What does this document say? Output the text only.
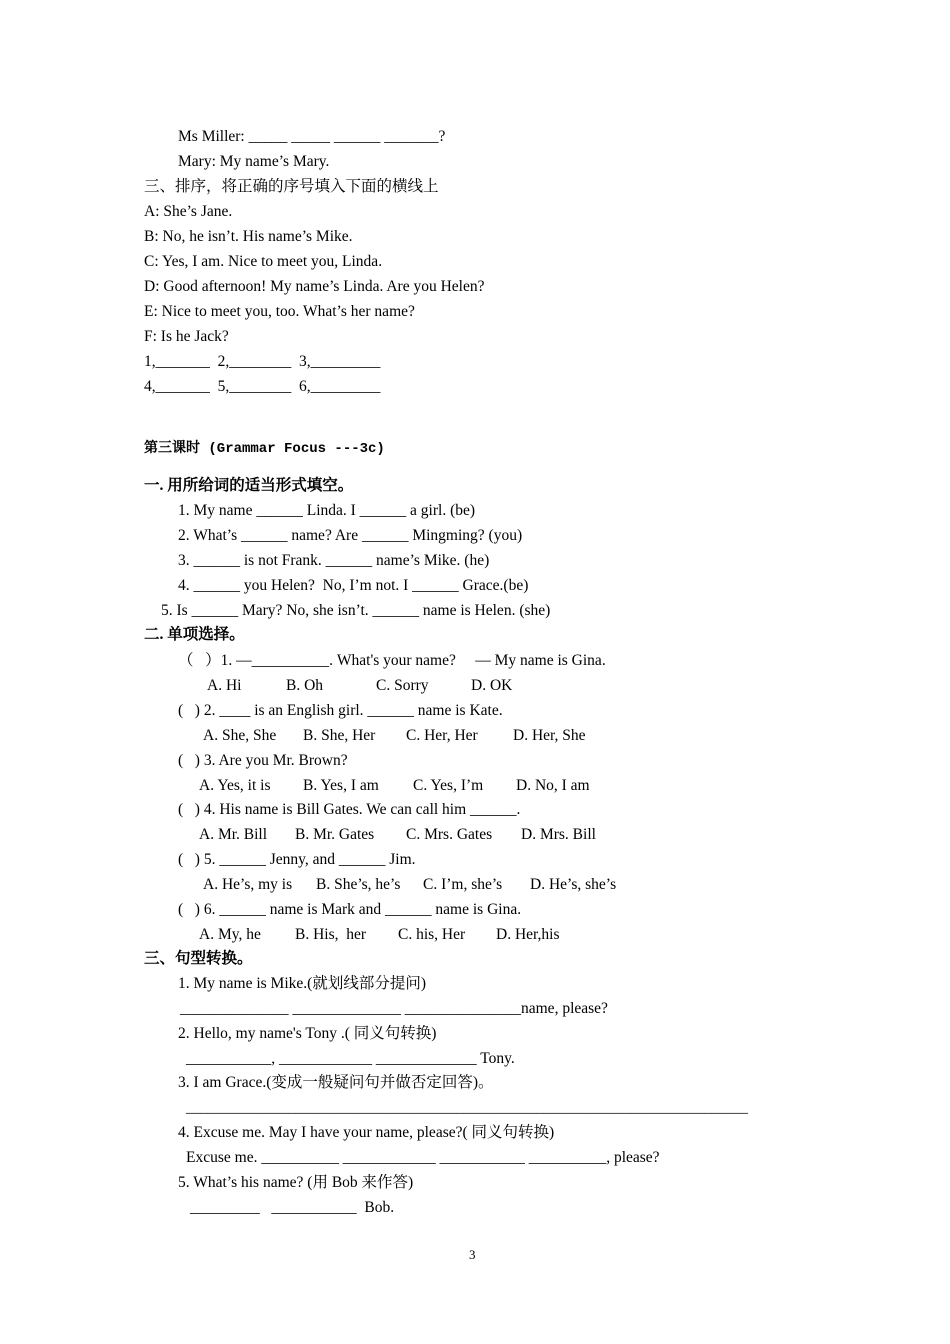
Ms Miller: _____ _____ ______ _______?
Mary: My name’s Mary.
三、排序，将正确的序号填入下面的横线上
A: She’s Jane.
B: No, he isn’t. His name’s Mike.
C: Yes, I am. Nice to meet you, Linda.
D: Good afternoon! My name’s Linda. Are you Helen?
E: Nice to meet you, too. What’s her name?
F: Is he Jack?
1,_______  2,________  3,_________
4,_______  5,________  6,_________
第三课时 (Grammar Focus ---3c)
一. 用所给词的适当形式填空。
1. My name ______ Linda. I ______ a girl. (be)
2. What’s ______ name? Are ______ Mingming? (you)
3. ______ is not Frank. ______ name’s Mike. (he)
4. ______ you Helen?  No, I’m not. I ______ Grace.(be)
5. Is ______ Mary? No, she isn’t. ______ name is Helen. (she)
二. 单项选择。
（   ）1. —__________. What's your name?     — My name is Gina.
A. Hi	B. Oh	C. Sorry	D. OK
(   ) 2. ____ is an English girl. ______ name is Kate.
A. She, She B. She, Her C. Her, Her D. Her, She
(   ) 3. Are you Mr. Brown?
A. Yes, it is B. Yes, I am C. Yes, I’m D. No, I am
(   ) 4. His name is Bill Gates. We can call him ______.
A. Mr. Bill B. Mr. Gates C. Mrs. Gates D. Mrs. Bill
(   ) 5. ______ Jenny, and ______ Jim.
A. He’s, my is B. She’s, he’s C. I’m, she’s D. He’s, she’s
(   ) 6. ______ name is Mark and ______ name is Gina.
A. My, he B. His,  her C. his, Her D. Her,his
三、句型转换。
1. My name is Mike.(就划线部分提问)
______________ ______________ _______________name, please?
2. Hello, my name's Tony .( 同义句转换)
___________, ____________ _____________ Tony.
3. I am Grace.(变成一般疑问句并做否定回答)。
_____________________________________________________________________________
4. Excuse me. May I have your name, please?( 同义句转换)
Excuse me. __________ ____________ ___________ __________, please?
5. What’s his name? (用 Bob 来作答)
_________   ___________  Bob.
3
